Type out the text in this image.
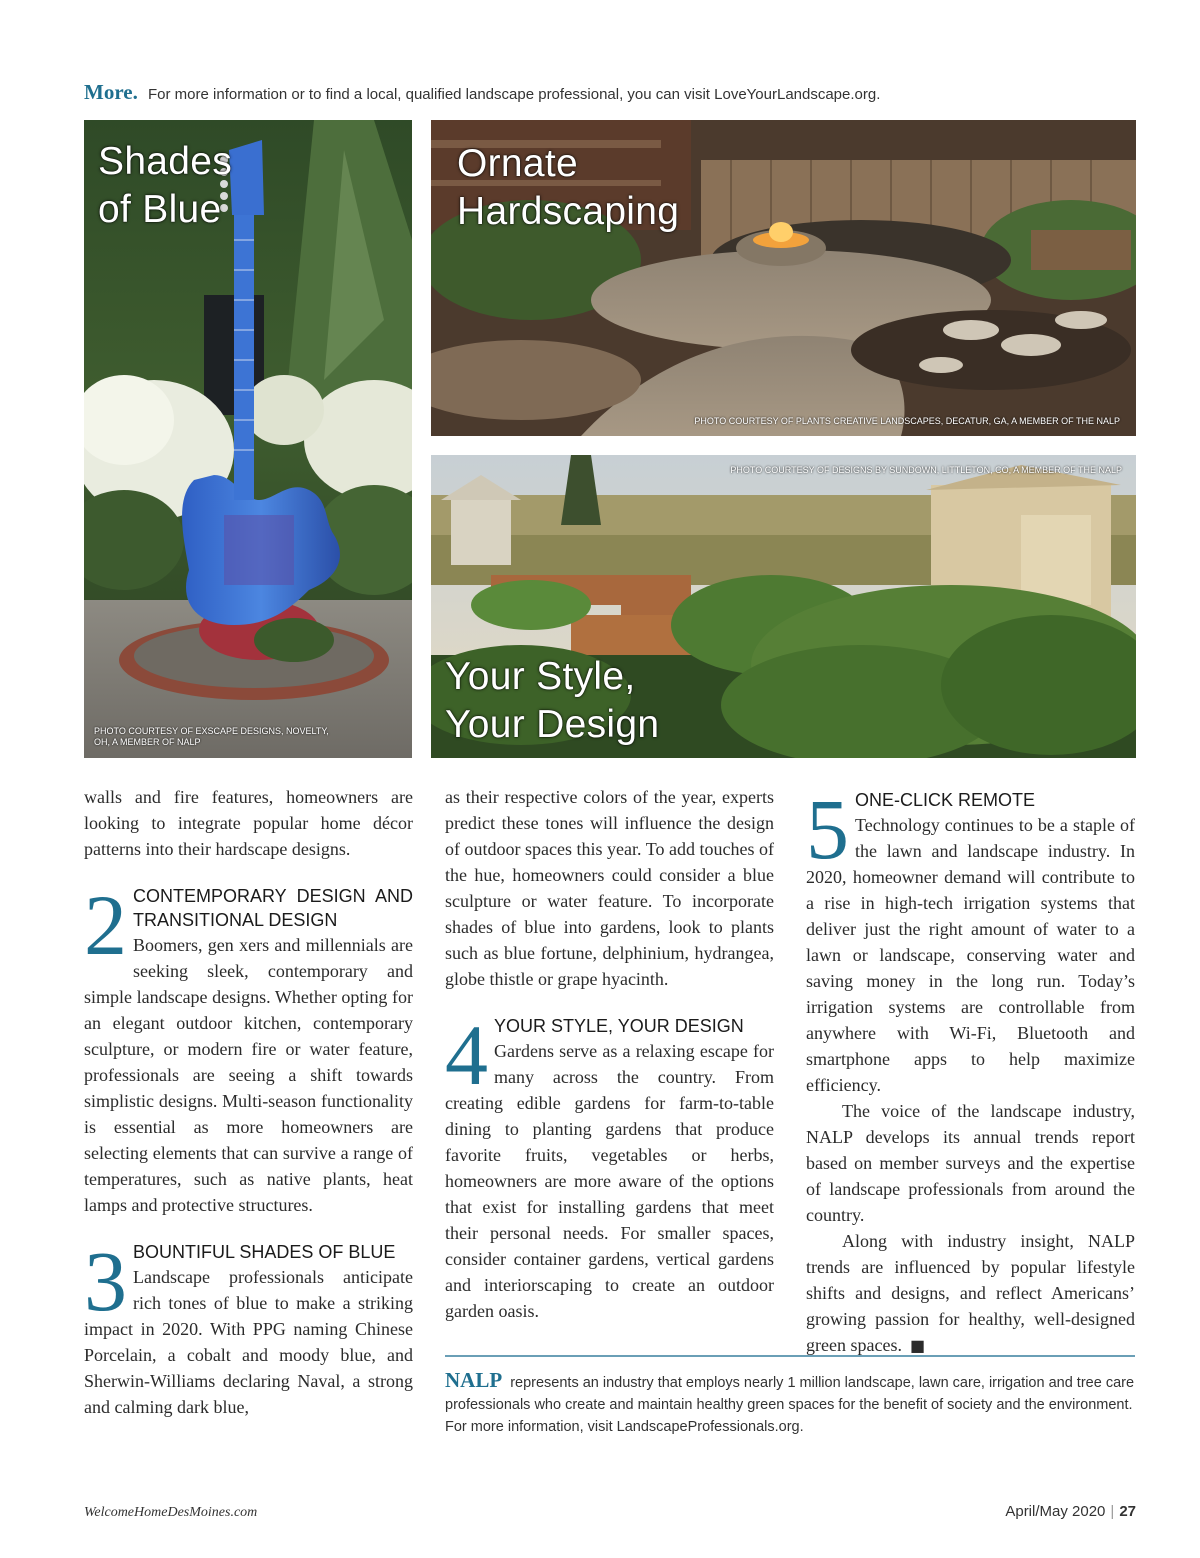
More. For more information or to find a local, qualified landscape professional, you can visit LoveYourLandscape.org.
Shades
of Blue
PHOTO COURTESY OF EXSCAPE DESIGNS, NOVELTY,
OH, A MEMBER OF NALP
Ornate
Hardscaping
PHOTO COURTESY OF PLANTS CREATIVE LANDSCAPES, DECATUR, GA, A MEMBER OF THE NALP
Your Style,
Your Design
PHOTO COURTESY OF DESIGNS BY SUNDOWN, LITTLETON, CO, A MEMBER OF THE NALP

walls and fire features, homeowners are looking to integrate popular home décor patterns into their hardscape designs.

2 CONTEMPORARY DESIGN AND TRANSITIONAL DESIGN

Boomers, gen xers and millennials are seeking sleek, contemporary and simple landscape designs. Whether opting for an elegant outdoor kitchen, contemporary sculpture, or modern fire or water feature, professionals are seeing a shift towards simplistic designs. Multi-season functionality is essential as more homeowners are selecting elements that can survive a range of temperatures, such as native plants, heat lamps and protective structures.

3 BOUNTIFUL SHADES OF BLUE

Landscape professionals anticipate rich tones of blue to make a striking impact in 2020. With PPG naming Chinese Porcelain, a cobalt and moody blue, and Sherwin-Williams declaring Naval, a strong and calming dark blue,

as their respective colors of the year, experts predict these tones will influence the design of outdoor spaces this year. To add touches of the hue, homeowners could consider a blue sculpture or water feature. To incorporate shades of blue into gardens, look to plants such as blue fortune, delphinium, hydrangea, globe thistle or grape hyacinth.

4 YOUR STYLE, YOUR DESIGN

Gardens serve as a relaxing escape for many across the country. From creating edible gardens for farm-to-table dining to planting gardens that produce favorite fruits, vegetables or herbs, homeowners are more aware of the options that exist for installing gardens that meet their personal needs. For smaller spaces, consider container gardens, vertical gardens and interiorscaping to create an outdoor garden oasis.

5 ONE-CLICK REMOTE

Technology continues to be a staple of the lawn and landscape industry. In 2020, homeowner demand will contribute to a rise in high-tech irrigation systems that deliver just the right amount of water to a lawn or landscape, conserving water and saving money in the long run. Today’s irrigation systems are controllable from anywhere with Wi-Fi, Bluetooth and smartphone apps to help maximize efficiency.

The voice of the landscape industry, NALP develops its annual trends report based on member surveys and the expertise of landscape professionals from around the country.

Along with industry insight, NALP trends are influenced by popular lifestyle shifts and designs, and reflect Americans’ growing passion for healthy, well-designed green spaces. ■

NALP represents an industry that employs nearly 1 million landscape, lawn care, irrigation and tree care professionals who create and maintain healthy green spaces for the benefit of society and the environment. For more information, visit LandscapeProfessionals.org.
WelcomeHomeDesMoines.com	April/May 2020 | 27
